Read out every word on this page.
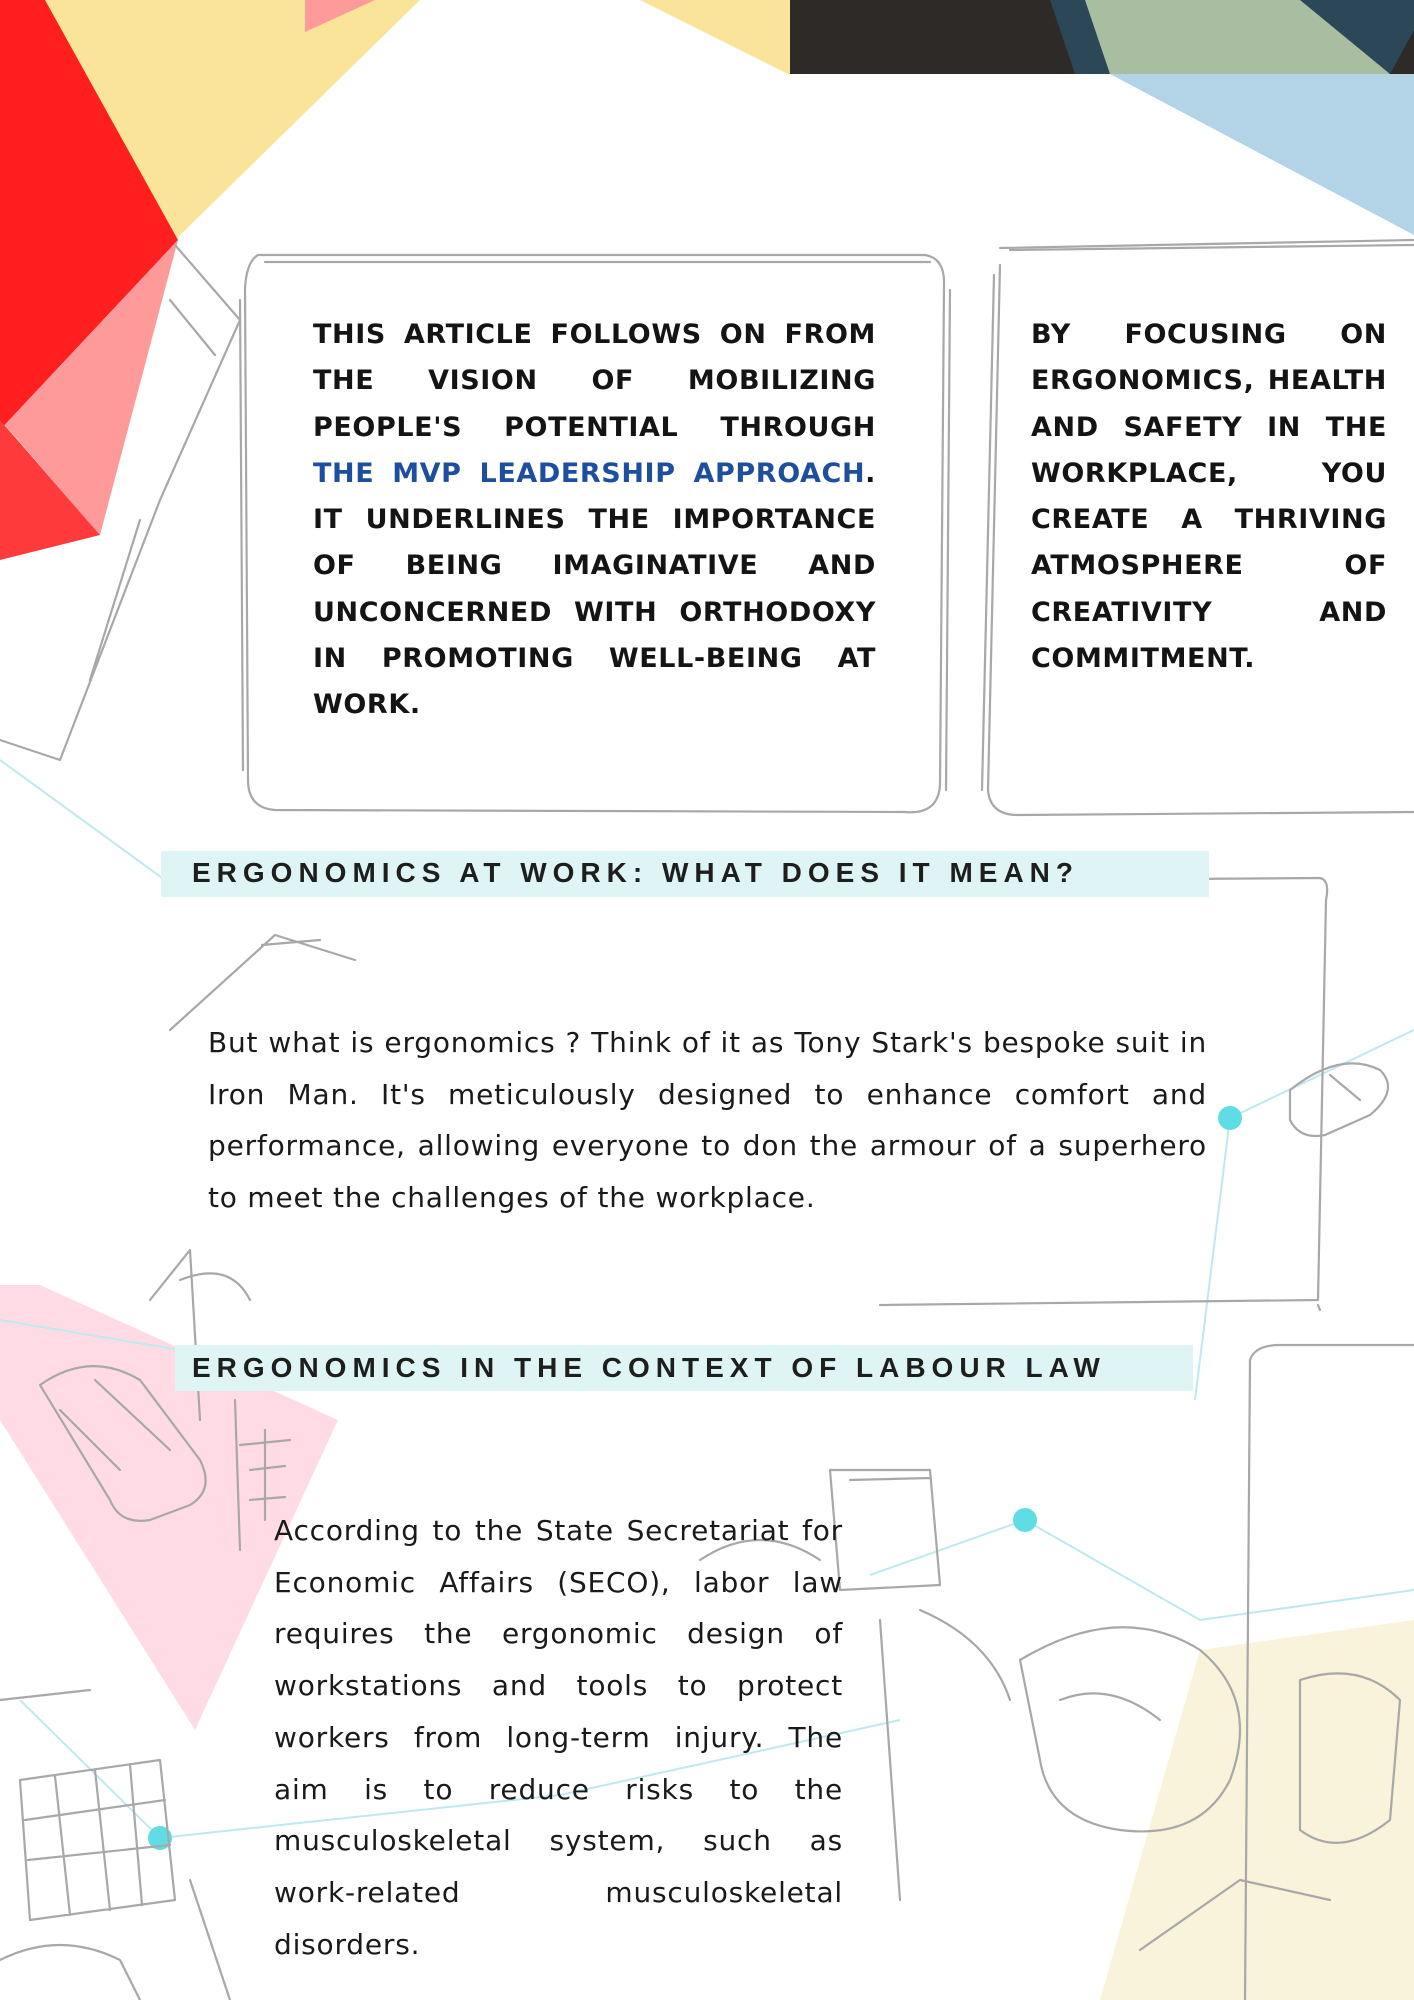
THIS ARTICLE FOLLOWS ON FROM THE VISION OF MOBILIZING PEOPLE'S POTENTIAL THROUGH THE MVP LEADERSHIP APPROACH. IT UNDERLINES THE IMPORTANCE OF BEING IMAGINATIVE AND UNCONCERNED WITH ORTHODOXY IN PROMOTING WELL-BEING AT WORK.

BY FOCUSING ON ERGONOMICS, HEALTH AND SAFETY IN THE WORKPLACE, YOU CREATE A THRIVING ATMOSPHERE OF CREATIVITY AND COMMITMENT.

ERGONOMICS AT WORK: WHAT DOES IT MEAN?

But what is ergonomics ? Think of it as Tony Stark's bespoke suit in Iron Man. It's meticulously designed to enhance comfort and performance, allowing everyone to don the armour of a superhero to meet the challenges of the workplace.

ERGONOMICS IN THE CONTEXT OF LABOUR LAW

According to the State Secretariat for Economic Affairs (SECO), labor law requires the ergonomic design of workstations and tools to protect workers from long-term injury. The aim is to reduce risks to the musculoskeletal system, such as work-related musculoskeletal disorders.
